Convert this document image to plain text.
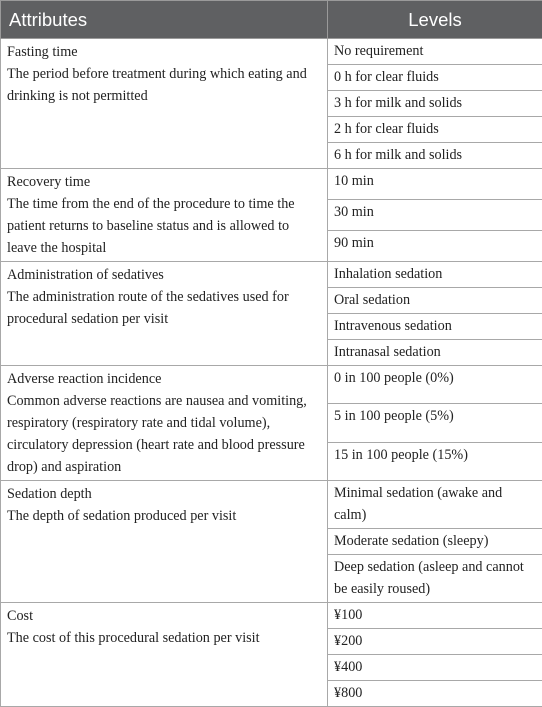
Attributes	Levels

Fasting time
The period before treatment during which eating and drinking is not permitted	No requirement
	0 h for clear fluids
	3 h for milk and solids
	2 h for clear fluids
	6 h for milk and solids

Recovery time
The time from the end of the procedure to time the patient returns to baseline status and is allowed to leave the hospital	10 min
	30 min
	90 min

Administration of sedatives
The administration route of the sedatives used for procedural sedation per visit	Inhalation sedation
	Oral sedation
	Intravenous sedation
	Intranasal sedation

Adverse reaction incidence
Common adverse reactions are nausea and vomiting, respiratory (respiratory rate and tidal volume), circulatory depression (heart rate and blood pressure drop) and aspiration	0 in 100 people (0%)
	5 in 100 people (5%)
	15 in 100 people (15%)

Sedation depth
The depth of sedation produced per visit	Minimal sedation (awake and calm)
	Moderate sedation (sleepy)
	Deep sedation (asleep and cannot be easily roused)

Cost
The cost of this procedural sedation per visit	¥100
	¥200
	¥400
	¥800
